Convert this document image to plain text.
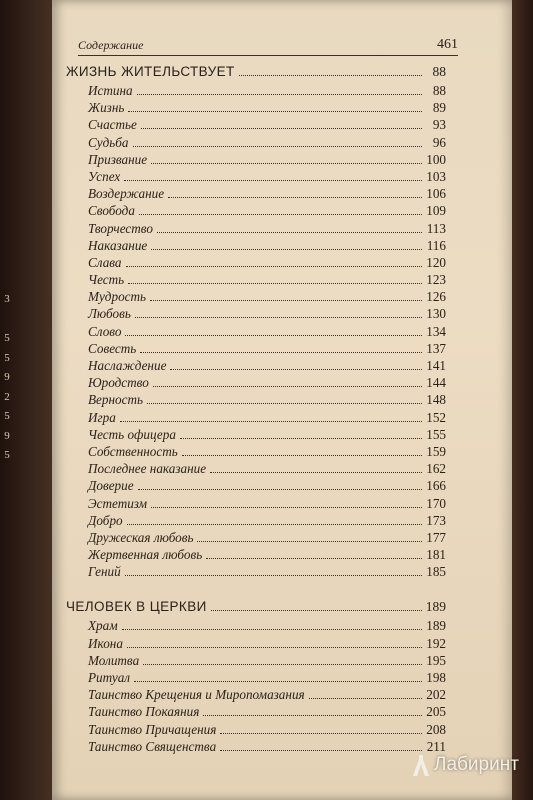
3

5
5
9
2
5
9
5
Содержание	461
ЖИЗНЬ ЖИТЕЛЬСТВУЕТ	88
Истина	88
Жизнь	89
Счастье	93
Судьба	96
Призвание	100
Успех	103
Воздержание	106
Свобода	109
Творчество	113
Наказание	116
Слава	120
Честь	123
Мудрость	126
Любовь	130
Слово	134
Совесть	137
Наслаждение	141
Юродство	144
Верность	148
Игра	152
Честь офицера	155
Собственность	159
Последнее наказание	162
Доверие	166
Эстетизм	170
Добро	173
Дружеская любовь	177
Жертвенная любовь	181
Гений	185
ЧЕЛОВЕК В ЦЕРКВИ	189
Храм	189
Икона	192
Молитва	195
Ритуал	198
Таинство Крещения и Миропомазания	202
Таинство Покаяния	205
Таинство Причащения	208
Таинство Священства	211
Лабиринт
